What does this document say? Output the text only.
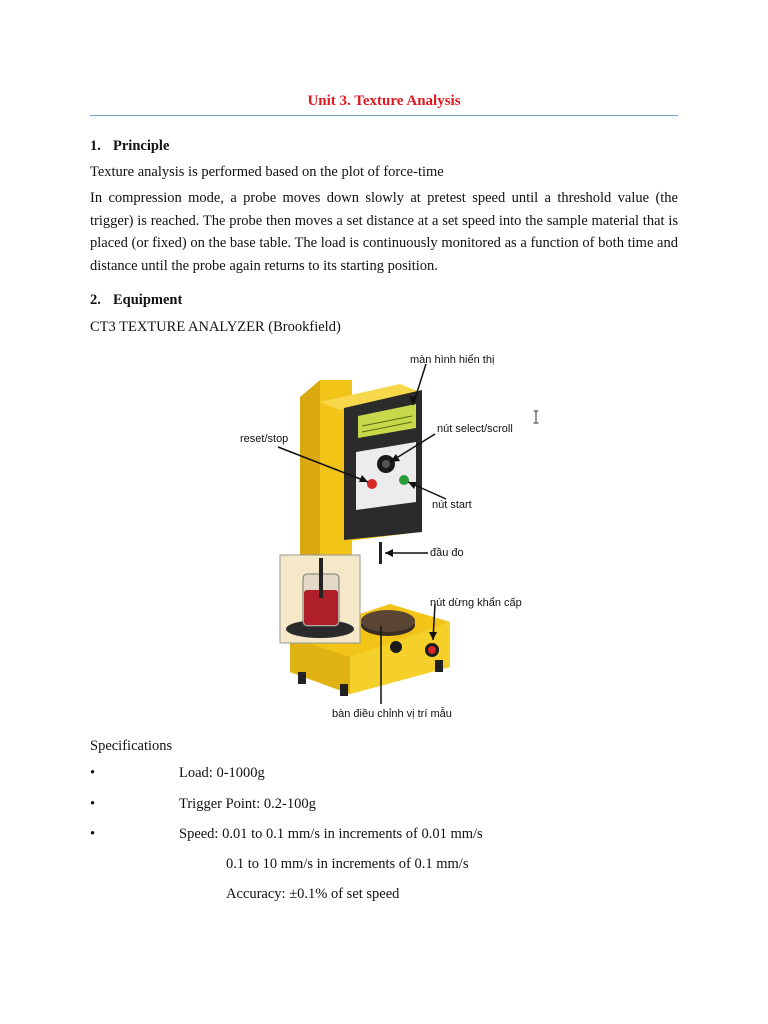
Unit 3. Texture Analysis
1. Principle
Texture analysis is performed based on the plot of force-time
In compression mode, a probe moves down slowly at pretest speed until a threshold value (the trigger) is reached. The probe then moves a set distance at a set speed into the sample material that is placed (or fixed) on the base table. The load is continuously monitored as a function of both time and distance until the probe again returns to its starting position.
2. Equipment
CT3 TEXTURE ANALYZER (Brookfield)
màn hình hiển thị
nút select/scroll
reset/stop
nút start
đầu đo
nút dừng khẩn cấp
bàn điều chỉnh vị trí mẫu
Specifications
•	Load: 0-1000g
•	Trigger Point: 0.2-100g
•	Speed: 0.01 to 0.1 mm/s in increments of 0.01 mm/s
0.1 to 10 mm/s in increments of 0.1 mm/s
Accuracy: ±0.1% of set speed
